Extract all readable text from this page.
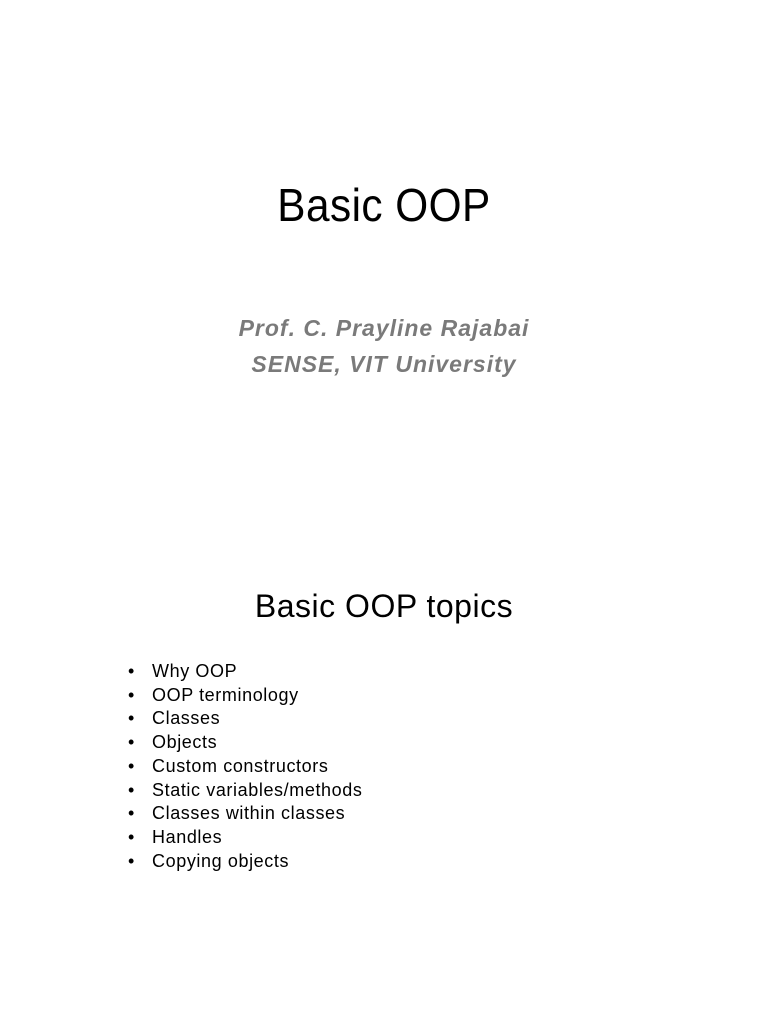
Basic OOP
Prof. C. Prayline Rajabai
SENSE, VIT University
Basic OOP topics
• Why OOP
• OOP terminology
• Classes
• Objects
• Custom constructors
• Static variables/methods
• Classes within classes
• Handles
• Copying objects
